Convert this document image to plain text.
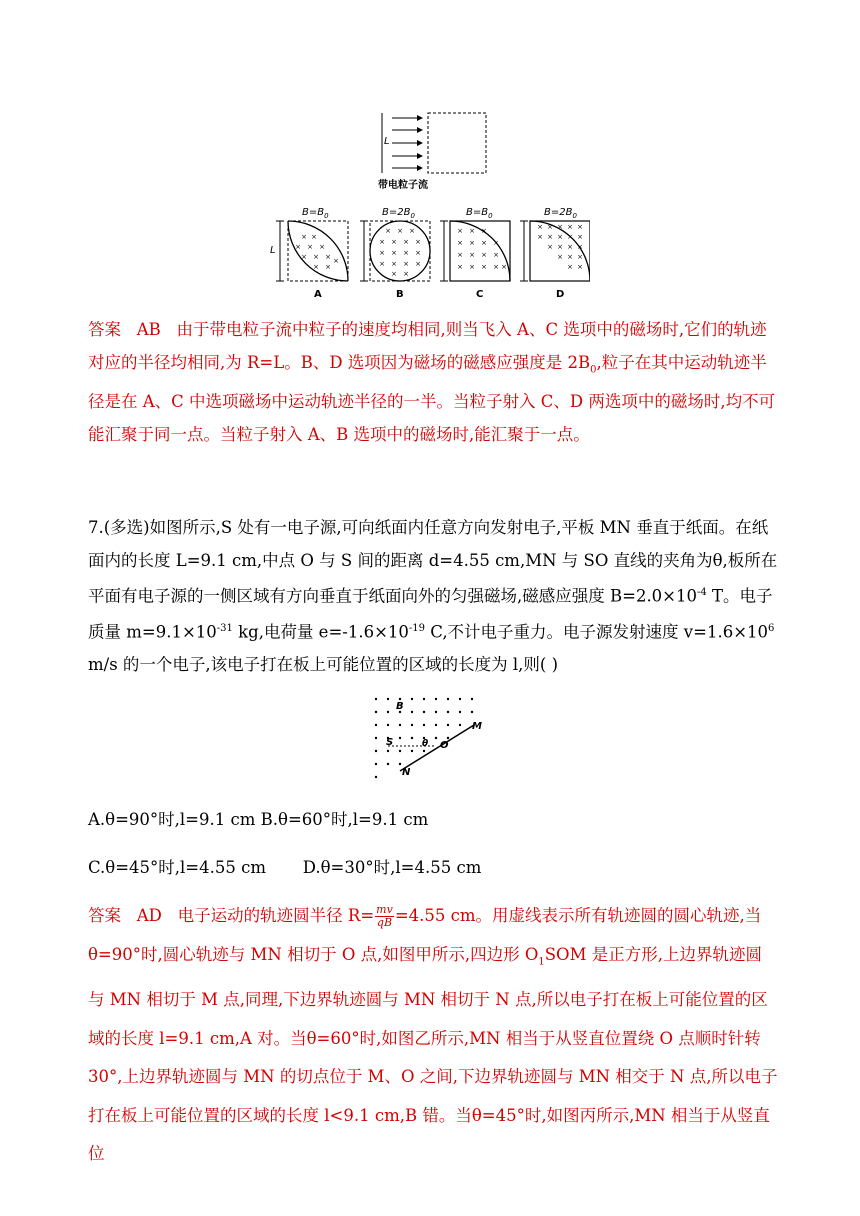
L
带电粒子流
× ×
× × ×
× × ×
× ×
×
× × ×
× × × ×
× × × ×
× × × ×
× ×
× × ×
× × × ×
× × × ×
× × × × ×
× × × × ×
× × × × ×
× × × ×
× × ×
× ×
$B=B_0$	$B=2B_0$	$B=B_0$	$B=2B_0$
L
A	B	C	D
答案 AB 由于带电粒子流中粒子的速度均相同,则当飞入 A、C 选项中的磁场时,它们的轨迹对应的半径均相同,为 R=L。B、D 选项因为磁场的磁感应强度是 $2B_0$,粒子在其中运动轨迹半径是在 A、C 中选项磁场中运动轨迹半径的一半。当粒子射入 C、D 两选项中的磁场时,均不可能汇聚于同一点。当粒子射入 A、B 选项中的磁场时,能汇聚于一点。
7.(多选)如图所示,S 处有一电子源,可向纸面内任意方向发射电子,平板 MN 垂直于纸面。在纸面内的长度 L=9.1 cm,中点 O 与 S 间的距离 d=4.55 cm,MN 与 SO 直线的夹角为θ,板所在平面有电子源的一侧区域有方向垂直于纸面向外的匀强磁场,磁感应强度 $B=2.0\times 10^{-4}$ T。电子质量 $m=9.1\times 10^{-31}$ kg,电荷量 $e=-1.6\times 10^{-19}$ C,不计电子重力。电子源发射速度 $v=1.6\times 10^6$ m/s 的一个电子,该电子打在板上可能位置的区域的长度为 l,则( )
B
M
S	θ O
N
A.θ=90°时,l=9.1 cm B.θ=60°时,l=9.1 cm
C.θ=45°时,l=4.55 cm D.θ=30°时,l=4.55 cm
答案 AD 电子运动的轨迹圆半径 $R= \frac{mv}{qB} =4.55$ cm。用虚线表示所有轨迹圆的圆心轨迹,当θ=90°时,圆心轨迹与 MN 相切于 O 点,如图甲所示,四边形 $O_1SOM$ 是正方形,上边界轨迹圆与 MN 相切于 M 点,同理,下边界轨迹圆与 MN 相切于 N 点,所以电子打在板上可能位置的区域的长度 l=9.1 cm,A 对。当θ=60°时,如图乙所示,MN 相当于从竖直位置绕 O 点顺时针转 30°,上边界轨迹圆与 MN 的切点位于 M、O 之间,下边界轨迹圆与 MN 相交于 N 点,所以电子打在板上可能位置的区域的长度 l<9.1 cm,B 错。当θ=45°时,如图丙所示,MN 相当于从竖直位
